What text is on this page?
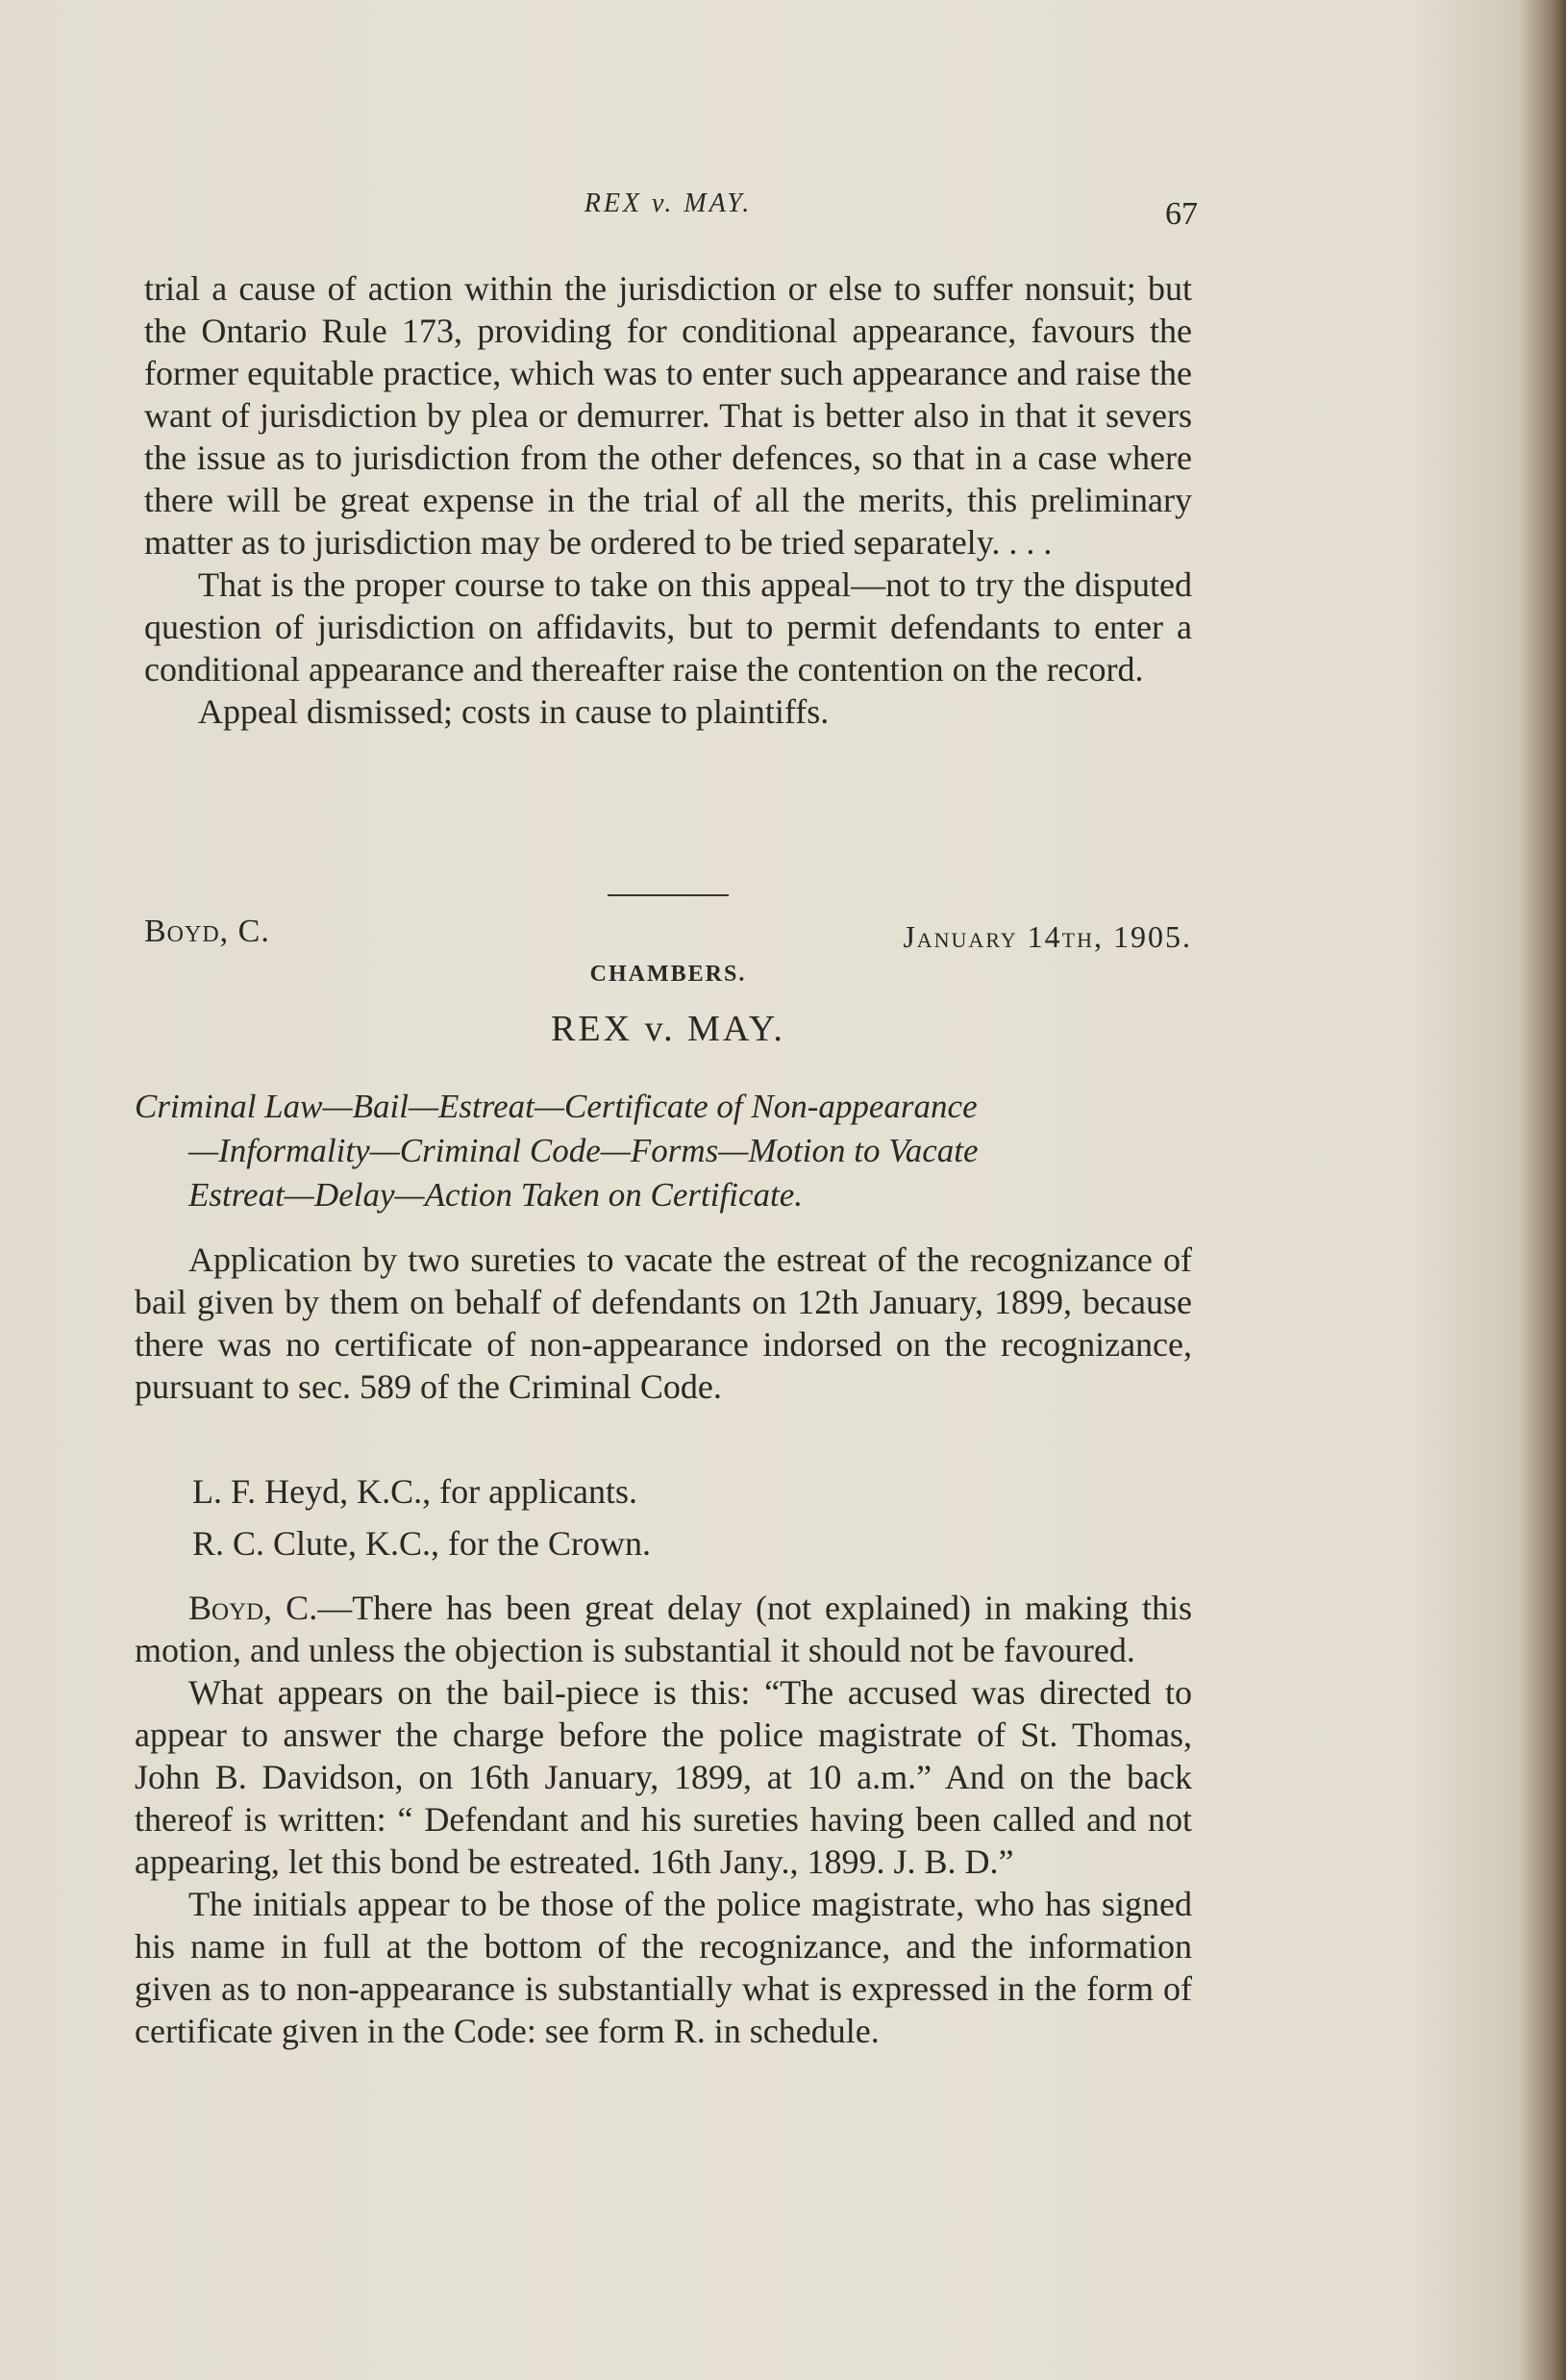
REX v. MAY.	67

trial a cause of action within the jurisdiction or else to suffer nonsuit; but the Ontario Rule 173, providing for conditional appearance, favours the former equitable practice, which was to enter such appearance and raise the want of jurisdiction by plea or demurrer. That is better also in that it severs the issue as to jurisdiction from the other defences, so that in a case where there will be great expense in the trial of all the merits, this preliminary matter as to jurisdiction may be ordered to be tried separately. . . .

That is the proper course to take on this appeal—not to try the disputed question of jurisdiction on affidavits, but to permit defendants to enter a conditional appearance and thereafter raise the contention on the record.

Appeal dismissed; costs in cause to plaintiffs.

Boyd, C.	January 14th, 1905.
CHAMBERS.
REX v. MAY.
Criminal Law—Bail—Estreat—Certificate of Non-appearance
—Informality—Criminal Code—Forms—Motion to Vacate
Estreat—Delay—Action Taken on Certificate.

Application by two sureties to vacate the estreat of the recognizance of bail given by them on behalf of defendants on 12th January, 1899, because there was no certificate of non-appearance indorsed on the recognizance, pursuant to sec. 589 of the Criminal Code.

L. F. Heyd, K.C., for applicants.
R. C. Clute, K.C., for the Crown.

Boyd, C.—There has been great delay (not explained) in making this motion, and unless the objection is substantial it should not be favoured.

What appears on the bail-piece is this: “The accused was directed to appear to answer the charge before the police magistrate of St. Thomas, John B. Davidson, on 16th January, 1899, at 10 a.m.” And on the back thereof is written: “ Defendant and his sureties having been called and not appearing, let this bond be estreated. 16th Jany., 1899. J. B. D.”

The initials appear to be those of the police magistrate, who has signed his name in full at the bottom of the recognizance, and the information given as to non-appearance is substantially what is expressed in the form of certificate given in the Code: see form R. in schedule.
